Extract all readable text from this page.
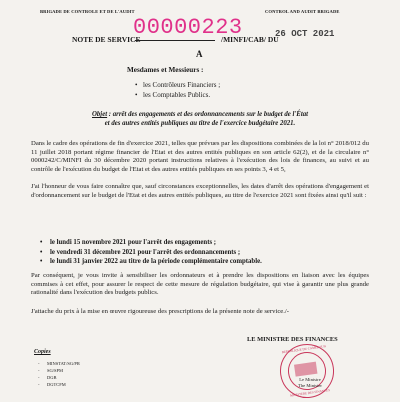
BRIGADE DE CONTROLE ET DE L'AUDIT	CONTROL AND AUDIT BRIGADE
NOTE DE SERVICE
00000223
/MINFI/CAB/ DU
26 OCT 2021
A
Mesdames et Messieurs :
• les Contrôleurs Financiers ;
• les Comptables Publics.
Objet : arrêt des engagements et des ordonnancements sur le budget de l'État
et des autres entités publiques au titre de l'exercice budgétaire 2021.
Dans le cadre des opérations de fin d'exercice 2021, telles que prévues par les dispositions combinées de la loi n° 2018/012 du 11 juillet 2018 portant régime financier de l'Etat et des autres entités publiques en son article 62(2), et de la circulaire n° 0000242/C/MINFI du 30 décembre 2020 portant instructions relatives à l'exécution des lois de finances, au suivi et au contrôle de l'exécution du budget de l'Etat et des autres entités publiques en ses points 3, 4 et 5,
J'ai l'honneur de vous faire connaître que, sauf circonstances exceptionnelles, les dates d'arrêt des opérations d'engagement et d'ordonnancement sur le budget de l'Etat et des autres entités publiques, au titre de l'exercice 2021 sont fixées ainsi qu'il suit :
• le lundi 15 novembre 2021 pour l'arrêt des engagements ;
• le vendredi 31 décembre 2021 pour l'arrêt des ordonnancements ;
• le lundi 31 janvier 2022 au titre de la période complémentaire comptable.
Par conséquent, je vous invite à sensibiliser les ordonnateurs et à prendre les dispositions en liaison avec les équipes commises à cet effet, pour assurer le respect de cette mesure de régulation budgétaire, qui vise à garantir une plus grande rationalité dans l'exécution des budgets publics.
J'attache du prix à la mise en œuvre rigoureuse des prescriptions de la présente note de service./-
LE MINISTRE DES FINANCES
REPUBLIQUE DU CAMEROUN
MINISTERE DES FINANCES
Le Ministre
The Minister
Copies
- MINSTAT/SG/PR
- SG/SPM
- DGB
- DGTCFM
